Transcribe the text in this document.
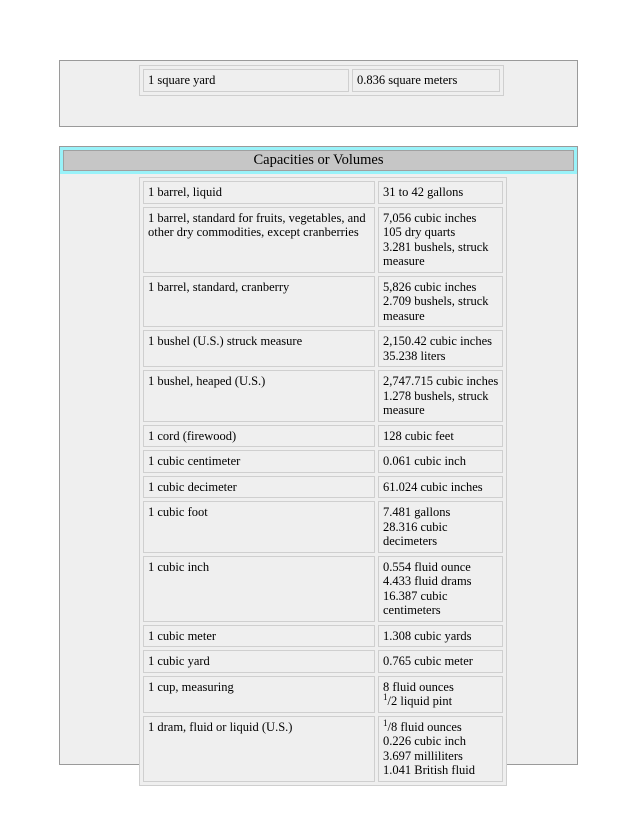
1 square yard	0.836 square meters
Capacities or Volumes
1 barrel, liquid	31 to 42 gallons

1 barrel, standard for fruits, vegetables, and other dry commodities, except cranberries	7,056 cubic inches
105 dry quarts
3.281 bushels, struck
measure

1 barrel, standard, cranberry	5,826 cubic inches
2.709 bushels, struck
measure

1 bushel (U.S.) struck measure	2,150.42 cubic inches
35.238 liters

1 bushel, heaped (U.S.)	2,747.715 cubic inches
1.278 bushels, struck
measure

1 cord (firewood)	128 cubic feet

1 cubic centimeter	0.061 cubic inch

1 cubic decimeter	61.024 cubic inches

1 cubic foot	7.481 gallons
28.316 cubic
decimeters

1 cubic inch	0.554 fluid ounce
4.433 fluid drams
16.387 cubic
centimeters

1 cubic meter	1.308 cubic yards

1 cubic yard	0.765 cubic meter

1 cup, measuring	8 fluid ounces
$^1$/2 liquid pint

1 dram, fluid or liquid (U.S.)	$^1$/8 fluid ounces
0.226 cubic inch
3.697 milliliters
1.041 British fluid
